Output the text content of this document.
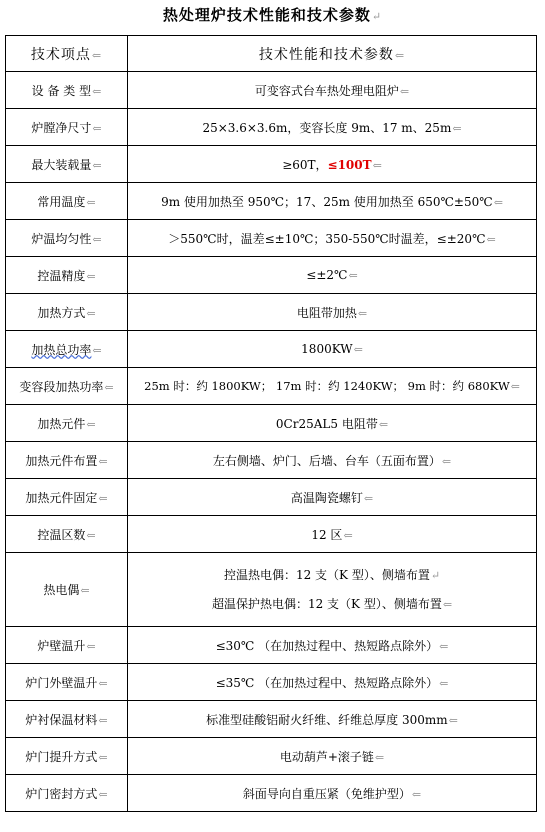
热处理炉技术性能和技术参数↵
技术项点⇐	技术性能和技术参数⇐
设 备 类 型⇐	可变容式台车热处理电阻炉⇐
炉膛净尺寸⇐	25×3.6×3.6m，变容长度 9m、17 m、25m⇐
最大装载量⇐	≥60T，≤100T⇐
常用温度⇐	9m 使用加热至 950℃；17、25m 使用加热至 650℃±50℃⇐
炉温均匀性⇐	＞550℃时，温差≤±10℃；350-550℃时温差，≤±20℃⇐
控温精度⇐	≤±2℃⇐
加热方式⇐	电阻带加热⇐
加热总功率⇐	1800KW⇐
变容段加热功率⇐	25m 时：约 1800KW； 17m 时：约 1240KW； 9m 时：约 680KW⇐
加热元件⇐	0Cr25AL5 电阻带⇐
加热元件布置⇐	左右侧墙、炉门、后墙、台车（五面布置）⇐
加热元件固定⇐	高温陶瓷螺钉⇐
控温区数⇐	12 区⇐
热电偶⇐	控温热电偶：12 支（K 型）、侧墙布置↵
超温保护热电偶：12 支（K 型）、侧墙布置⇐

炉壁温升⇐	≤30℃ （在加热过程中、热短路点除外）⇐
炉门外壁温升⇐	≤35℃ （在加热过程中、热短路点除外）⇐
炉衬保温材料⇐	标准型硅酸铝耐火纤维、纤维总厚度 300mm⇐
炉门提升方式⇐	电动葫芦+滚子链⇐
炉门密封方式⇐	斜面导向自重压紧（免维护型）⇐
